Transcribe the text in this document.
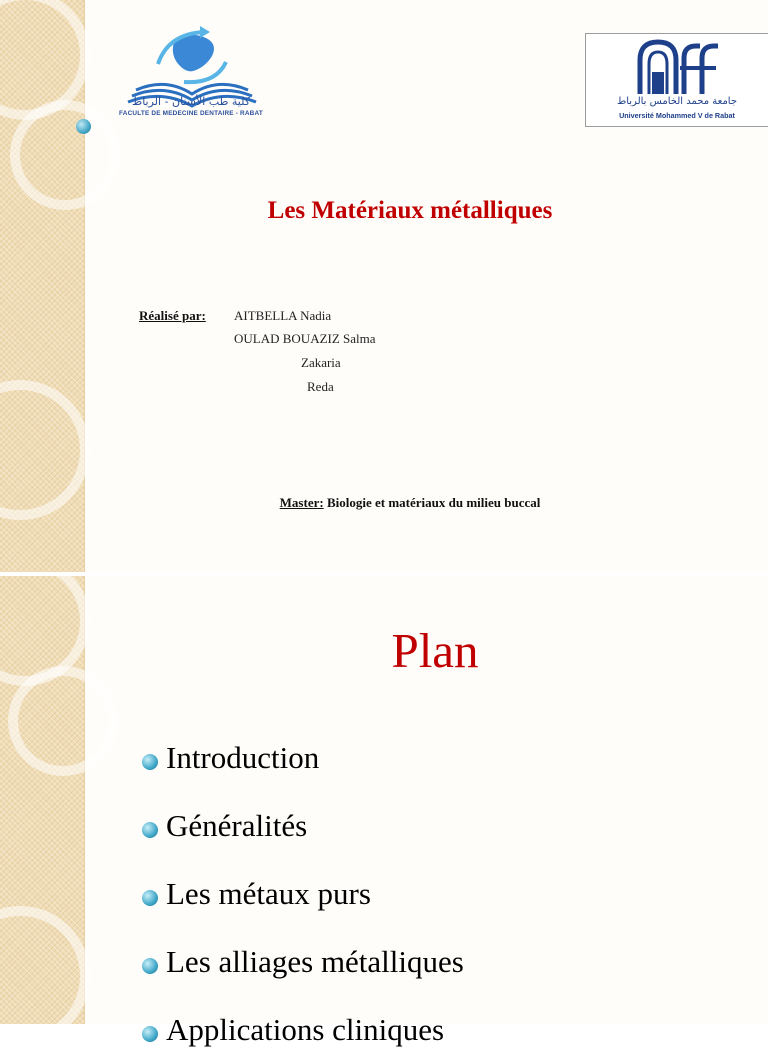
كلية طب الأسنان - الرباط
FACULTE DE MEDECINE DENTAIRE - RABAT
جامعة محمد الخامس بالرباط
Université Mohammed V de Rabat
Les Matériaux métalliques
Réalisé par: AITBELLA Nadia
OULAD BOUAZIZ Salma
Zakaria
Reda
Master: Biologie et matériaux du milieu buccal
Plan
Introduction
Généralités
Les métaux purs
Les alliages métalliques
Applications cliniques
